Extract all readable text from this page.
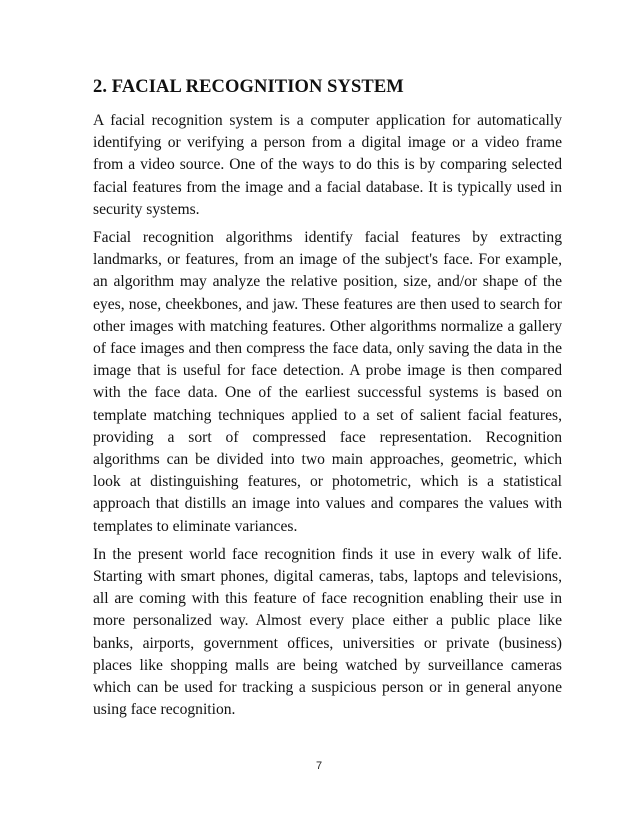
2. FACIAL RECOGNITION SYSTEM

A facial recognition system is a computer application for automatically identifying or verifying a person from a digital image or a video frame from a video source. One of the ways to do this is by comparing selected facial features from the image and a facial database. It is typically used in security systems.

Facial recognition algorithms identify facial features by extracting landmarks, or features, from an image of the subject's face. For example, an algorithm may analyze the relative position, size, and/or shape of the eyes, nose, cheekbones, and jaw. These features are then used to search for other images with matching features. Other algorithms normalize a gallery of face images and then compress the face data, only saving the data in the image that is useful for face detection. A probe image is then compared with the face data. One of the earliest successful systems is based on template matching techniques applied to a set of salient facial features, providing a sort of compressed face representation. Recognition algorithms can be divided into two main approaches, geometric, which look at distinguishing features, or photometric, which is a statistical approach that distills an image into values and compares the values with templates to eliminate variances.

In the present world face recognition finds it use in every walk of life. Starting with smart phones, digital cameras, tabs, laptops and televisions, all are coming with this feature of face recognition enabling their use in more personalized way. Almost every place either a public place like banks, airports, government offices, universities or private (business) places like shopping malls are being watched by surveillance cameras which can be used for tracking a suspicious person or in general anyone using face recognition.

7
